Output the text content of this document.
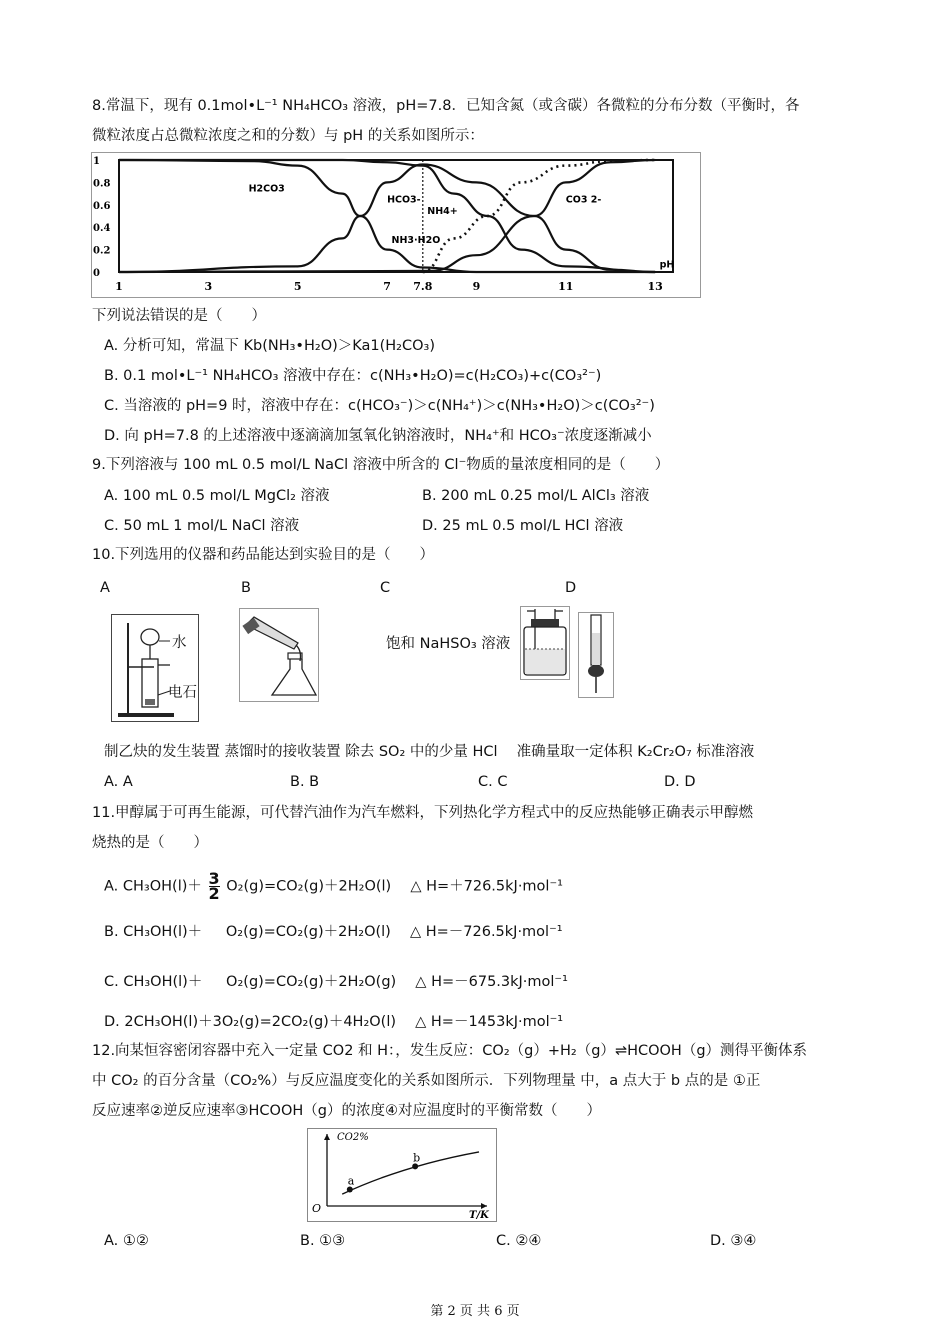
8.常温下，现有 0.1mol•L⁻¹ NH₄HCO₃ 溶液，pH=7.8．已知含氮（或含碳）各微粒的分布分数（平衡时，各
微粒浓度占总微粒浓度之和的分数）与 pH 的关系如图所示：
1	3	5	7 7.8	9	11	13
0
0.2
0.4
0.6
0.8
1
H2CO3
HCO3-
NH4+
NH3·H2O
CO3 2-
pH
下列说法错误的是（　　）
A. 分析可知，常温下 Kb(NH₃•H₂O)＞Ka1(H₂CO₃)
B. 0.1 mol•L⁻¹ NH₄HCO₃ 溶液中存在：c(NH₃•H₂O)=c(H₂CO₃)+c(CO₃²⁻)
C. 当溶液的 pH=9 时，溶液中存在：c(HCO₃⁻)＞c(NH₄⁺)＞c(NH₃•H₂O)＞c(CO₃²⁻)
D. 向 pH=7.8 的上述溶液中逐滴滴加氢氧化钠溶液时，NH₄⁺和 HCO₃⁻浓度逐渐减小
9.下列溶液与 100 mL 0.5 mol/L NaCl 溶液中所含的 Cl⁻物质的量浓度相同的是（　　）
A. 100 mL 0.5 mol/L MgCl₂ 溶液	B. 200 mL 0.25 mol/L AlCl₃ 溶液
C. 50 mL 1 mol/L NaCl 溶液	D. 25 mL 0.5 mol/L HCl 溶液
10.下列选用的仪器和药品能达到实验目的是（　　）
A	B	C	D
水
电石
饱和 NaHSO₃ 溶液
制乙炔的发生装置 蒸馏时的接收装置 除去 SO₂ 中的少量 HCl 　准确量取一定体积 K₂Cr₂O₇ 标准溶液
A. A	B. B	C. C	D. D
11.甲醇属于可再生能源，可代替汽油作为汽车燃料，下列热化学方程式中的反应热能够正确表示甲醇燃
烧热的是（　　）
A. $CH_3OH(l)+ \frac{3}{2} O_2(g)=CO_2(g)+2H_2O(l)$ 　△ H=＋726.5kJ·mol⁻¹
B. CH₃OH(l)＋ 　 O₂(g)=CO₂(g)＋2H₂O(l) 　△ H=－726.5kJ·mol⁻¹
C. CH₃OH(l)＋ 　 O₂(g)=CO₂(g)＋2H₂O(g) 　△ H=－675.3kJ·mol⁻¹
D. 2CH₃OH(l)＋3O₂(g)=2CO₂(g)＋4H₂O(l) 　△ H=－1453kJ·mol⁻¹
12.向某恒容密闭容器中充入一定量 CO2 和 H：，发生反应：CO₂（g）+H₂（g）⇌HCOOH（g）测得平衡体系
中 CO₂ 的百分含量（CO₂%）与反应温度变化的关系如图所示．下列物理量 中，a 点大于 b 点的是 ①正
反应速率②逆反应速率③HCOOH（g）的浓度④对应温度时的平衡常数（　　）
CO2%
T/K
O
a
b
A. ①②	B. ①③	C. ②④	D. ③④
第 2 页 共 6 页
